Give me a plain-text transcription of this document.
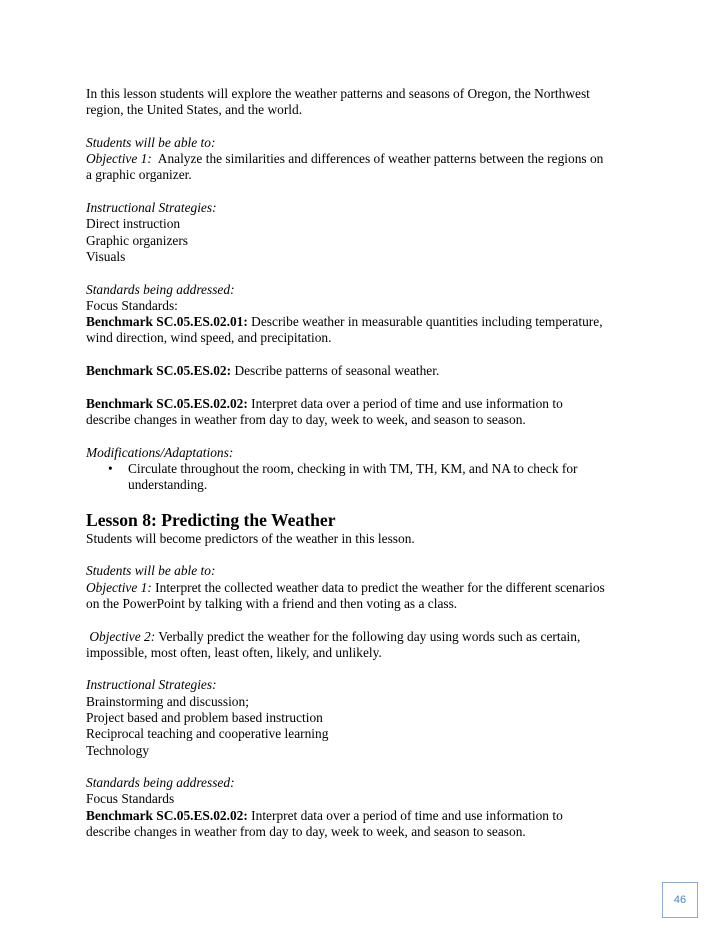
In this lesson students will explore the weather patterns and seasons of Oregon, the Northwest
region, the United States, and the world.
Students will be able to:
Objective 1:  Analyze the similarities and differences of weather patterns between the regions on
a graphic organizer.
Instructional Strategies:
Direct instruction
Graphic organizers
Visuals
Standards being addressed:
Focus Standards:
Benchmark SC.05.ES.02.01: Describe weather in measurable quantities including temperature,
wind direction, wind speed, and precipitation.
Benchmark SC.05.ES.02: Describe patterns of seasonal weather.
Benchmark SC.05.ES.02.02: Interpret data over a period of time and use information to
describe changes in weather from day to day, week to week, and season to season.
Modifications/Adaptations:
• Circulate throughout the room, checking in with TM, TH, KM, and NA to check for
understanding.
Lesson 8: Predicting the Weather
Students will become predictors of the weather in this lesson.
Students will be able to:
Objective 1: Interpret the collected weather data to predict the weather for the different scenarios
on the PowerPoint by talking with a friend and then voting as a class.
Objective 2: Verbally predict the weather for the following day using words such as certain,
impossible, most often, least often, likely, and unlikely.
Instructional Strategies:
Brainstorming and discussion;
Project based and problem based instruction
Reciprocal teaching and cooperative learning
Technology
Standards being addressed:
Focus Standards
Benchmark SC.05.ES.02.02: Interpret data over a period of time and use information to
describe changes in weather from day to day, week to week, and season to season.
46
